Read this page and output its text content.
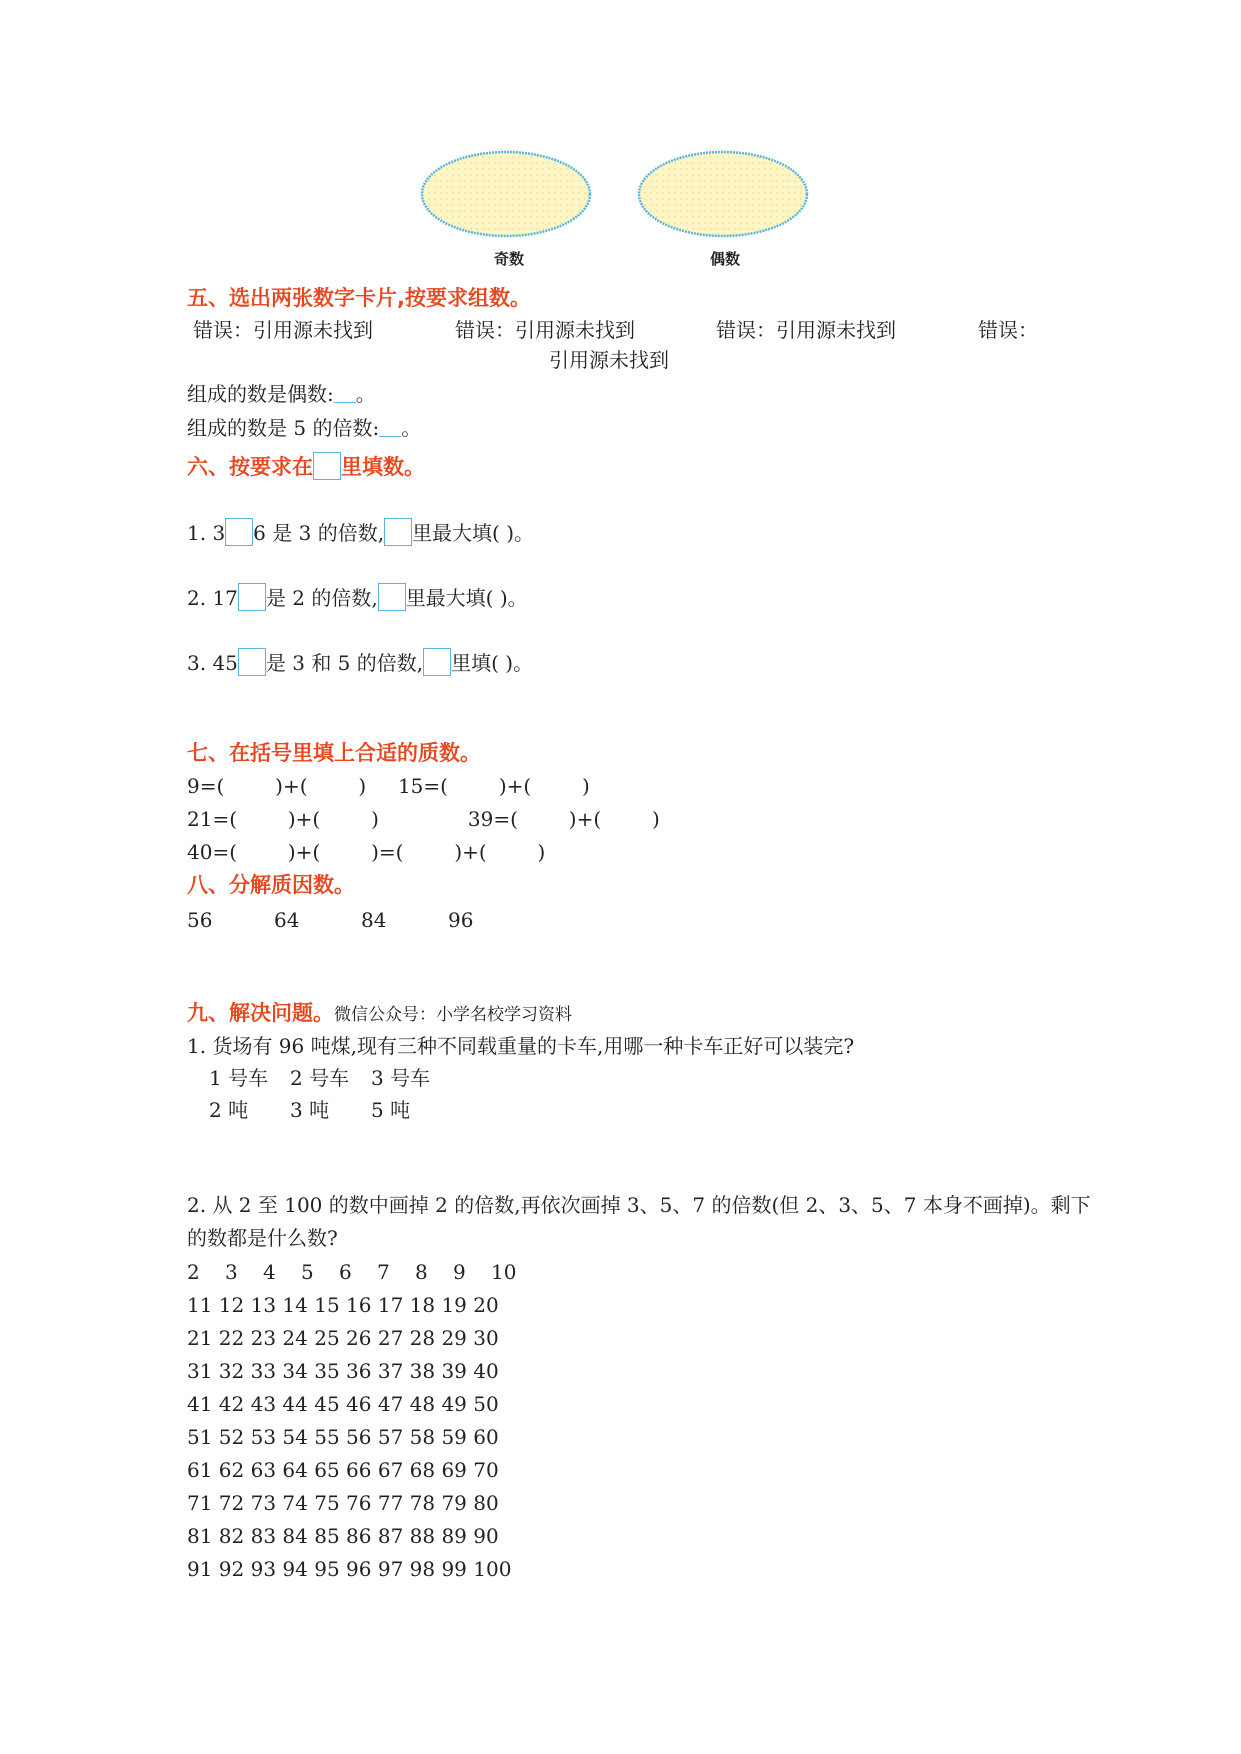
奇数	偶数
五、选出两张数字卡片,按要求组数。
错误：引用源未找到	错误：引用源未找到	错误：引用源未找到	错误：
引用源未找到
组成的数是偶数: 。
组成的数是 5 的倍数: 。
六、按要求在 里填数。
1. 3 6 是 3 的倍数, 里最大填( )。
2. 17 是 2 的倍数, 里最大填( )。
3. 45 是 3 和 5 的倍数, 里填( )。
七、在括号里填上合适的质数。
9=(        )+(        )     15=(        )+(        )
21=(        )+(        )              39=(        )+(        )
40=(        )+(        )=(        )+(        )
八、分解质因数。
56	64	84	96
九、解决问题。微信公众号：小学名校学习资料
1. 货场有 96 吨煤,现有三种不同载重量的卡车,用哪一种卡车正好可以装完?
1 号车 2 号车 3 号车
2 吨 3 吨 5 吨
2. 从 2 至 100 的数中画掉 2 的倍数,再依次画掉 3、5、7 的倍数(但 2、3、5、7 本身不画掉)。剩下
的数都是什么数?
2 3 4 5 6 7 8 9 10
11 12 13 14 15 16 17 18 19 20
21 22 23 24 25 26 27 28 29 30
31 32 33 34 35 36 37 38 39 40
41 42 43 44 45 46 47 48 49 50
51 52 53 54 55 56 57 58 59 60
61 62 63 64 65 66 67 68 69 70
71 72 73 74 75 76 77 78 79 80
81 82 83 84 85 86 87 88 89 90
91 92 93 94 95 96 97 98 99 100
